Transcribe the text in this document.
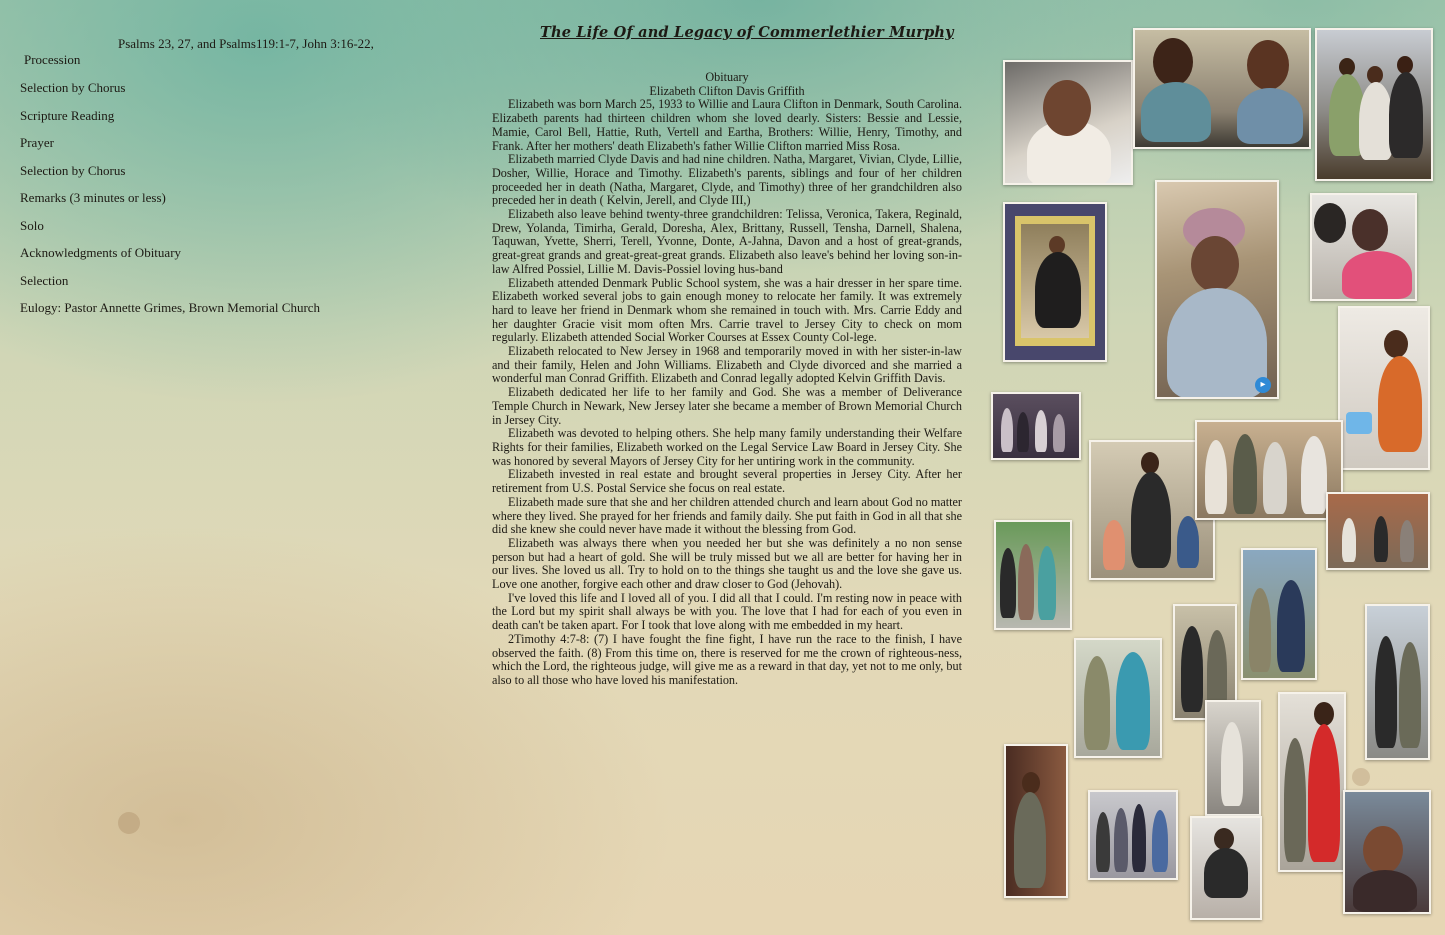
Psalms 23, 27, and Psalms119:1-7, John 3:16-22,
Procession
Selection by Chorus
Scripture Reading
Prayer
Selection by Chorus
Remarks (3 minutes or less)
Solo
Acknowledgments of Obituary
Selection
Eulogy: Pastor Annette Grimes, Brown Memorial Church
The Life Of and Legacy of Commerlethier Murphy
Obituary
Elizabeth Clifton Davis Griffith

Elizabeth was born March 25, 1933 to Willie and Laura Clifton in Denmark, South Carolina. Elizabeth parents had thirteen children whom she loved dearly. Sisters: Bessie and Lessie, Mamie, Carol Bell, Hattie, Ruth, Vertell and Eartha, Brothers: Willie, Henry, Timothy, and Frank. After her mothers' death Elizabeth's father Willie Clifton married Miss Rosa.

Elizabeth married Clyde Davis and had nine children. Natha, Margaret, Vivian, Clyde, Lillie, Dosher, Willie, Horace and Timothy. Elizabeth's parents, siblings and four of her children proceeded her in death (Natha, Margaret, Clyde, and Timothy) three of her grandchildren also preceded her in death ( Kelvin, Jerell, and Clyde III,)

Elizabeth also leave behind twenty-three grandchildren: Telissa, Veronica, Takera, Reginald, Drew, Yolanda, Timirha, Gerald, Doresha, Alex, Brittany, Russell, Tensha, Darnell, Shalena, Taquwan, Yvette, Sherri, Terell, Yvonne, Donte, A-Jahna, Davon and a host of great-grands, great-great grands and great-great-great grands. Elizabeth also leave's behind her loving son-in-law Alfred Possiel, Lillie M. Davis-Possiel loving hus-band

Elizabeth attended Denmark Public School system, she was a hair dresser in her spare time. Elizabeth worked several jobs to gain enough money to relocate her family. It was extremely hard to leave her friend in Denmark whom she remained in touch with. Mrs. Carrie Eddy and her daughter Gracie visit mom often Mrs. Carrie travel to Jersey City to check on mom regularly. Elizabeth attended Social Worker Courses at Essex County Col-lege.

Elizabeth relocated to New Jersey in 1968 and temporarily moved in with her sister-in-law and their family, Helen and John Williams. Elizabeth and Clyde divorced and she married a wonderful man Conrad Griffith. Elizabeth and Conrad legally adopted Kelvin Griffith Davis.

Elizabeth dedicated her life to her family and God. She was a member of Deliverance Temple Church in Newark, New Jersey later she became a member of Brown Memorial Church in Jersey City.

Elizabeth was devoted to helping others. She help many family understanding their Welfare Rights for their families, Elizabeth worked on the Legal Service Law Board in Jersey City. She was honored by several Mayors of Jersey City for her untiring work in the community.

Elizabeth invested in real estate and brought several properties in Jersey City. After her retirement from U.S. Postal Service she focus on real estate.

Elizabeth made sure that she and her children attended church and learn about God no matter where they lived. She prayed for her friends and family daily. She put faith in God in all that she did she knew she could never have made it without the blessing from God.

Elizabeth was always there when you needed her but she was definitely a no non sense person but had a heart of gold. She will be truly missed but we all are better for having her in our lives. She loved us all. Try to hold on to the things she taught us and the love she gave us. Love one another, forgive each other and draw closer to God (Jehovah).

I've loved this life and I loved all of you. I did all that I could. I'm resting now in peace with the Lord but my spirit shall always be with you. The love that I had for each of you even in death can't be taken apart. For I took that love along with me embedded in my heart.

2Timothy 4:7-8: (7) I have fought the fine fight, I have run the race to the finish, I have observed the faith. (8) From this time on, there is reserved for me the crown of righteous-ness, which the Lord, the righteous judge, will give me as a reward in that day, yet not to me only, but also to all those who have loved his manifestation.

▸
